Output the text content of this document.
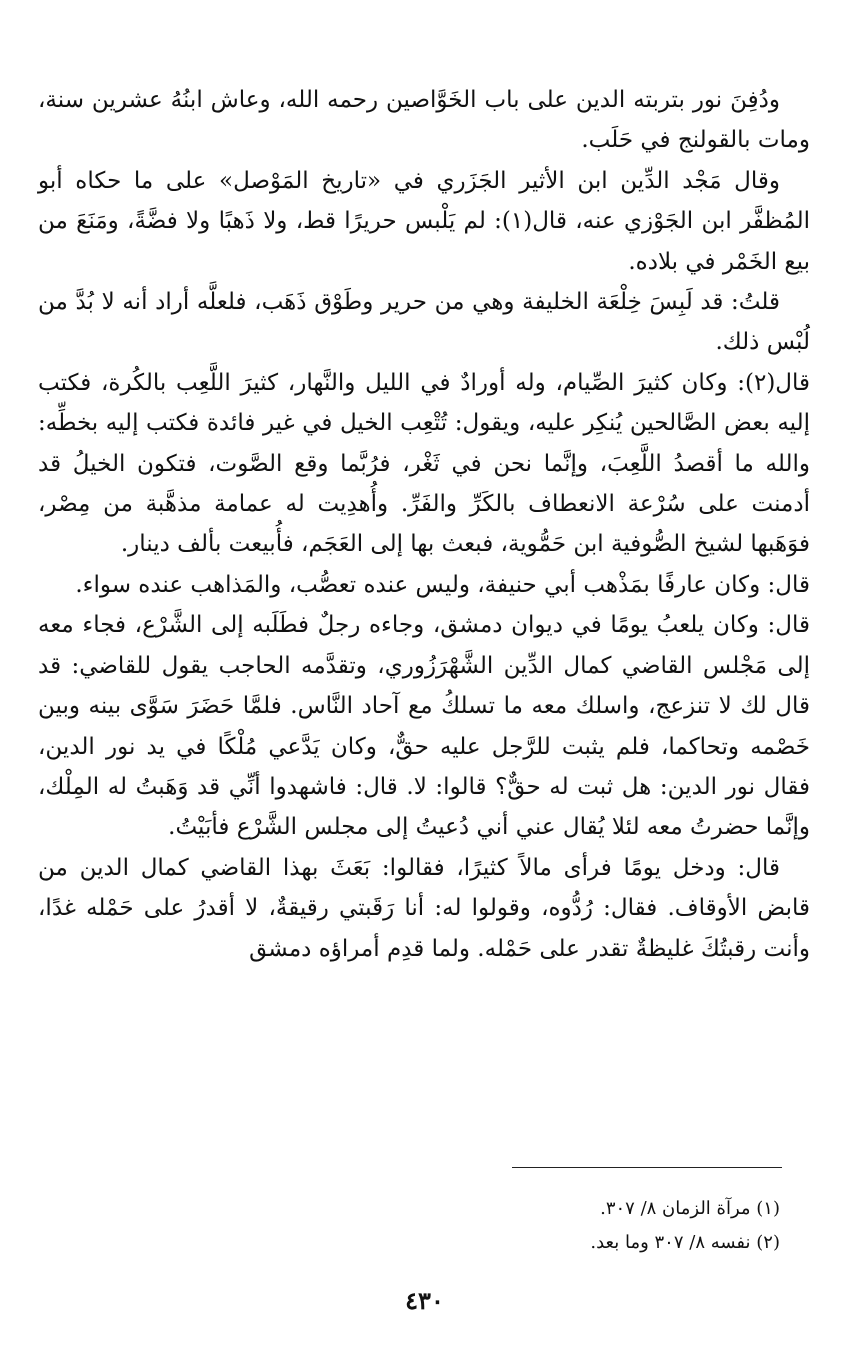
ودُفِنَ نور بتربته الدين على باب الخَوَّاصين رحمه الله، وعاش ابنُهُ عشرين سنة، ومات بالقولنج في حَلَب.

وقال مَجْد الدِّين ابن الأثير الجَزَري في «تاريخ المَوْصل» على ما حكاه أبو المُظفَّر ابن الجَوْزي عنه، قال(١): لم يَلْبس حريرًا قط، ولا ذَهبًا ولا فضَّةً، ومَنَعَ من بيع الخَمْر في بلاده.

قلتُ: قد لَبِسَ خِلْعَة الخليفة وهي من حرير وطَوْق ذَهَب، فلعلَّه أراد أنه لا بُدَّ من لُبْس ذلك.

قال(٢): وكان كثيرَ الصِّيام، وله أورادٌ في الليل والنَّهار، كثيرَ اللَّعِب بالكُرة، فكتب إليه بعض الصَّالحين يُنكِر عليه، ويقول: تُتْعِب الخيل في غير فائدة فكتب إليه بخطِّه: والله ما أقصدُ اللَّعِبَ، وإنَّما نحن في ثَغْر، فرُبَّما وقع الصَّوت، فتكون الخيلُ قد أدمنت على سُرْعة الانعطاف بالكَرِّ والفَرِّ. وأُهدِيت له عمامة مذهَّبة من مِصْر، فوَهَبها لشيخ الصُّوفية ابن حَمُّوية، فبعث بها إلى العَجَم، فأُبيعت بألف دينار.

قال: وكان عارفًا بمَذْهب أبي حنيفة، وليس عنده تعصُّب، والمَذاهب عنده سواء.

قال: وكان يلعبُ يومًا في ديوان دمشق، وجاءه رجلٌ فطَلَبه إلى الشَّرْع، فجاء معه إلى مَجْلس القاضي كمال الدِّين الشَّهْرَزُوري، وتقدَّمه الحاجب يقول للقاضي: قد قال لك لا تنزعج، واسلك معه ما تسلكُ مع آحاد النَّاس. فلمَّا حَضَرَ سَوَّى بينه وبين خَصْمه وتحاكما، فلم يثبت للرَّجل عليه حقٌّ، وكان يَدَّعي مُلْكًا في يد نور الدين، فقال نور الدين: هل ثبت له حقٌّ؟ قالوا: لا. قال: فاشهدوا أنِّي قد وَهَبتُ له المِلْك، وإنَّما حضرتُ معه لئلا يُقال عني أني دُعيتُ إلى مجلس الشَّرْع فأبَيْتُ.

قال: ودخل يومًا فرأى مالاً كثيرًا، فقالوا: بَعَثَ بهذا القاضي كمال الدين من قابض الأوقاف. فقال: رُدُّوه، وقولوا له: أنا رَقَبتي رقيقةٌ، لا أقدرُ على حَمْله غدًا، وأنت رقبتُكَ غليظةٌ تقدر على حَمْله. ولما قدِم أمراؤه دمشق

(١) مرآة الزمان ٨/ ٣٠٧.

(٢) نفسه ٨/ ٣٠٧ وما بعد.

٤٣٠
